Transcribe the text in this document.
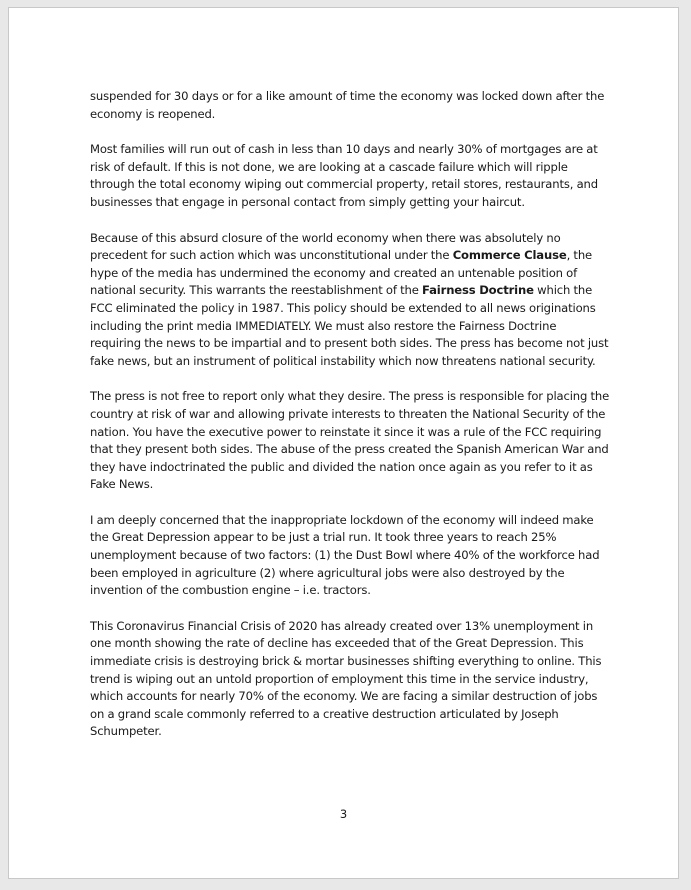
suspended for 30 days or for a like amount of time the economy was locked down after the economy is reopened.

Most families will run out of cash in less than 10 days and nearly 30% of mortgages are at risk of default. If this is not done, we are looking at a cascade failure which will ripple through the total economy wiping out commercial property, retail stores, restaurants, and businesses that engage in personal contact from simply getting your haircut.

Because of this absurd closure of the world economy when there was absolutely no precedent for such action which was unconstitutional under the Commerce Clause, the hype of the media has undermined the economy and created an untenable position of national security. This warrants the reestablishment of the Fairness Doctrine which the FCC eliminated the policy in 1987. This policy should be extended to all news originations including the print media IMMEDIATELY. We must also restore the Fairness Doctrine requiring the news to be impartial and to present both sides. The press has become not just fake news, but an instrument of political instability which now threatens national security.

The press is not free to report only what they desire. The press is responsible for placing the country at risk of war and allowing private interests to threaten the National Security of the nation. You have the executive power to reinstate it since it was a rule of the FCC requiring that they present both sides. The abuse of the press created the Spanish American War and they have indoctrinated the public and divided the nation once again as you refer to it as Fake News.

I am deeply concerned that the inappropriate lockdown of the economy will indeed make the Great Depression appear to be just a trial run. It took three years to reach 25% unemployment because of two factors: (1) the Dust Bowl where 40% of the workforce had been employed in agriculture (2) where agricultural jobs were also destroyed by the invention of the combustion engine – i.e. tractors.

This Coronavirus Financial Crisis of 2020 has already created over 13% unemployment in one month showing the rate of decline has exceeded that of the Great Depression. This immediate crisis is destroying brick & mortar businesses shifting everything to online. This trend is wiping out an untold proportion of employment this time in the service industry, which accounts for nearly 70% of the economy. We are facing a similar destruction of jobs on a grand scale commonly referred to a creative destruction articulated by Joseph Schumpeter.

3
